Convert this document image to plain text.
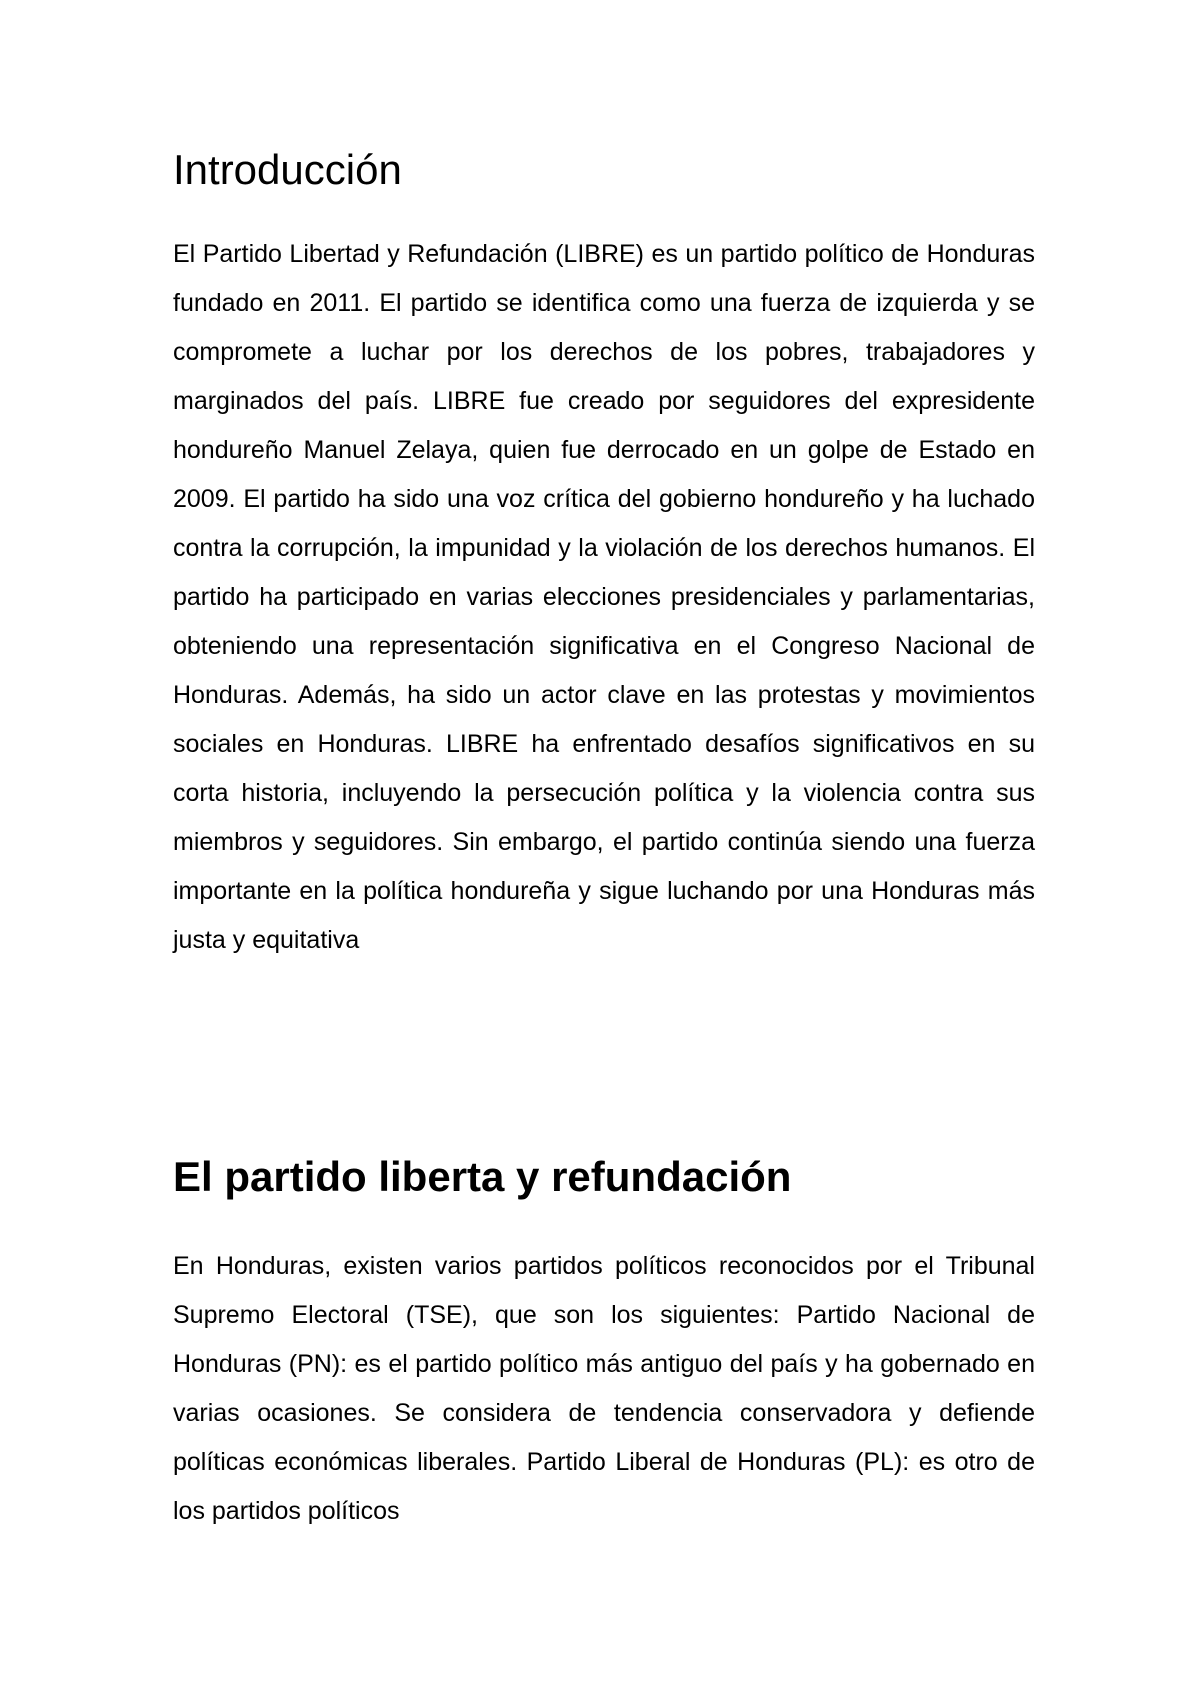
Introducción

El Partido Libertad y Refundación (LIBRE) es un partido político de Honduras fundado en 2011. El partido se identifica como una fuerza de izquierda y se compromete a luchar por los derechos de los pobres, trabajadores y marginados del país. LIBRE fue creado por seguidores del expresidente hondureño Manuel Zelaya, quien fue derrocado en un golpe de Estado en 2009. El partido ha sido una voz crítica del gobierno hondureño y ha luchado contra la corrupción, la impunidad y la violación de los derechos humanos. El partido ha participado en varias elecciones presidenciales y parlamentarias, obteniendo una representación significativa en el Congreso Nacional de Honduras. Además, ha sido un actor clave en las protestas y movimientos sociales en Honduras. LIBRE ha enfrentado desafíos significativos en su corta historia, incluyendo la persecución política y la violencia contra sus miembros y seguidores. Sin embargo, el partido continúa siendo una fuerza importante en la política hondureña y sigue luchando por una Honduras más justa y equitativa

El partido liberta y refundación

En Honduras, existen varios partidos políticos reconocidos por el Tribunal Supremo Electoral (TSE), que son los siguientes: Partido Nacional de Honduras (PN): es el partido político más antiguo del país y ha gobernado en varias ocasiones. Se considera de tendencia conservadora y defiende políticas económicas liberales. Partido Liberal de Honduras (PL): es otro de los partidos políticos
